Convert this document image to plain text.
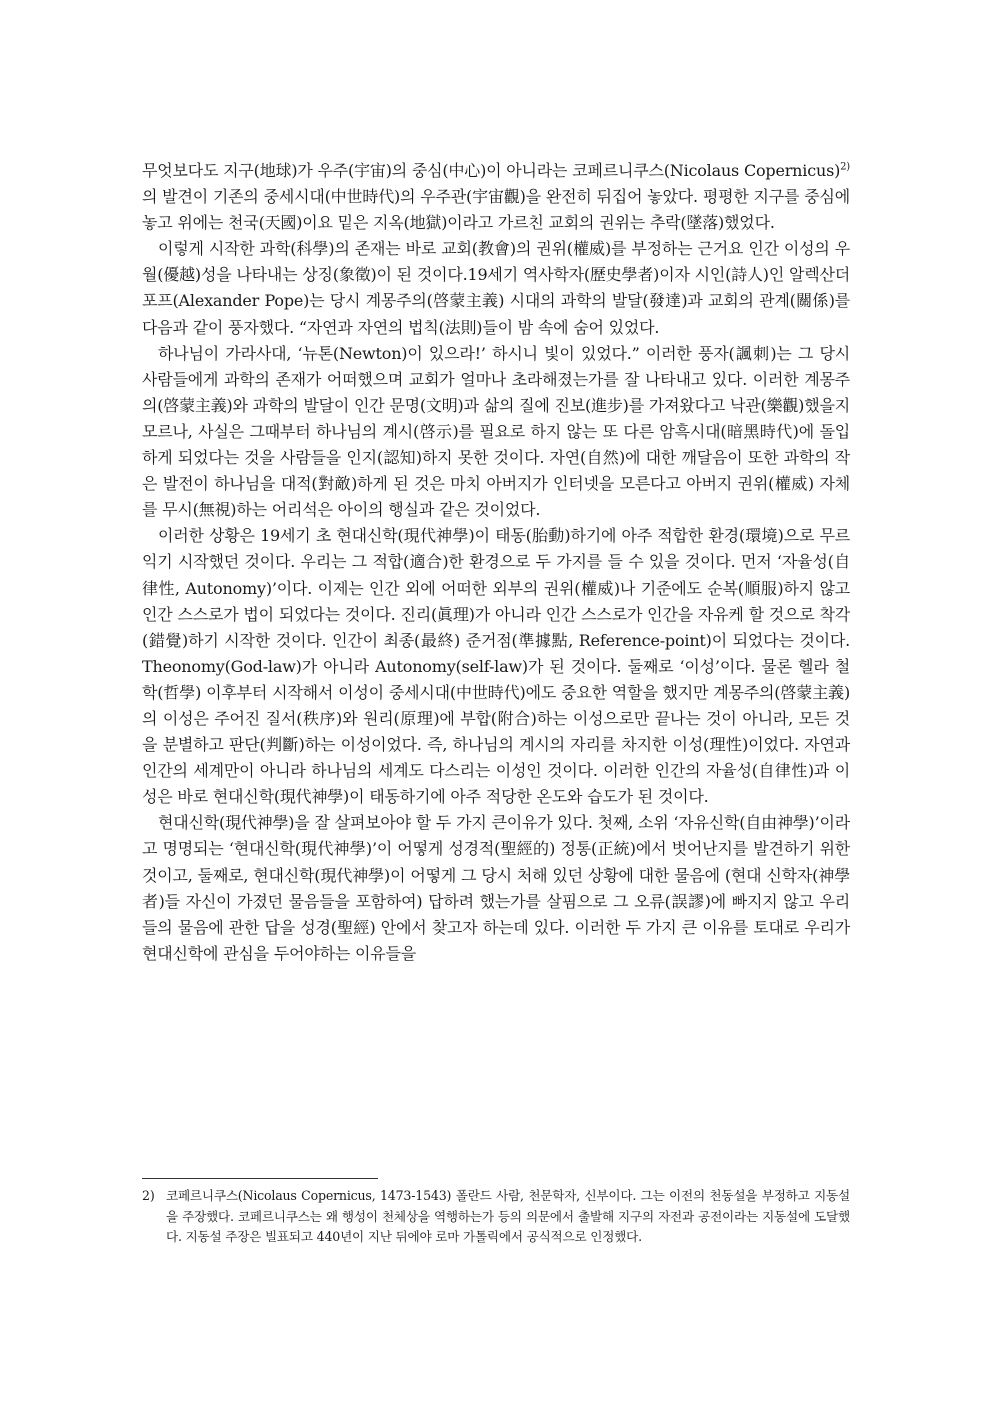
무엇보다도 지구(地球)가 우주(宇宙)의 중심(中心)이 아니라는 코페르니쿠스(Nicolaus Copernicus)$^{2)}$의 발견이 기존의 중세시대(中世時代)의 우주관(宇宙觀)을 완전히 뒤집어 놓았다. 평평한 지구를 중심에 놓고 위에는 천국(天國)이요 밑은 지옥(地獄)이라고 가르친 교회의 권위는 추락(墜落)했었다.

이렇게 시작한 과학(科學)의 존재는 바로 교회(教會)의 권위(權威)를 부정하는 근거요 인간 이성의 우월(優越)성을 나타내는 상징(象徵)이 된 것이다.19세기 역사학자(歷史學者)이자 시인(詩人)인 알렉산더 포프(Alexander Pope)는 당시 계몽주의(啓蒙主義) 시대의 과학의 발달(發達)과 교회의 관계(關係)를 다음과 같이 풍자했다. “자연과 자연의 법칙(法則)들이 밤 속에 숨어 있었다.

하나님이 가라사대, ‘뉴톤(Newton)이 있으라!’ 하시니 빛이 있었다.” 이러한 풍자(諷刺)는 그 당시 사람들에게 과학의 존재가 어떠했으며 교회가 얼마나 초라해졌는가를 잘 나타내고 있다. 이러한 계몽주의(啓蒙主義)와 과학의 발달이 인간 문명(文明)과 삶의 질에 진보(進步)를 가져왔다고 낙관(樂觀)했을지 모르나, 사실은 그때부터 하나님의 계시(啓示)를 필요로 하지 않는 또 다른 암흑시대(暗黑時代)에 돌입하게 되었다는 것을 사람들을 인지(認知)하지 못한 것이다. 자연(自然)에 대한 깨달음이 또한 과학의 작은 발전이 하나님을 대적(對敵)하게 된 것은 마치 아버지가 인터넷을 모른다고 아버지 권위(權威) 자체를 무시(無視)하는 어리석은 아이의 행실과 같은 것이었다.

이러한 상황은 19세기 초 현대신학(現代神學)이 태동(胎動)하기에 아주 적합한 환경(環境)으로 무르익기 시작했던 것이다. 우리는 그 적합(適合)한 환경으로 두 가지를 들 수 있을 것이다. 먼저 ‘자율성(自律性, Autonomy)’이다. 이제는 인간 외에 어떠한 외부의 권위(權威)나 기준에도 순복(順服)하지 않고 인간 스스로가 법이 되었다는 것이다. 진리(眞理)가 아니라 인간 스스로가 인간을 자유케 할 것으로 착각(錯覺)하기 시작한 것이다. 인간이 최종(最終) 준거점(準據點, Reference-point)이 되었다는 것이다. Theonomy(God-law)가 아니라 Autonomy(self-law)가 된 것이다. 둘째로 ‘이성’이다. 물론 헬라 철학(哲學) 이후부터 시작해서 이성이 중세시대(中世時代)에도 중요한 역할을 했지만 계몽주의(啓蒙主義)의 이성은 주어진 질서(秩序)와 원리(原理)에 부합(附合)하는 이성으로만 끝나는 것이 아니라, 모든 것을 분별하고 판단(判斷)하는 이성이었다. 즉, 하나님의 계시의 자리를 차지한 이성(理性)이었다. 자연과 인간의 세계만이 아니라 하나님의 세계도 다스리는 이성인 것이다. 이러한 인간의 자율성(自律性)과 이성은 바로 현대신학(現代神學)이 태동하기에 아주 적당한 온도와 습도가 된 것이다.

현대신학(現代神學)을 잘 살펴보아야 할 두 가지 큰이유가 있다. 첫째, 소위 ‘자유신학(自由神學)’이라고 명명되는 ‘현대신학(現代神學)’이 어떻게 성경적(聖經的) 정통(正統)에서 벗어난지를 발견하기 위한 것이고, 둘째로, 현대신학(現代神學)이 어떻게 그 당시 처해 있던 상황에 대한 물음에 (현대 신학자(神學者)들 자신이 가졌던 물음들을 포함하여) 답하려 했는가를 살핌으로 그 오류(誤謬)에 빠지지 않고 우리들의 물음에 관한 답을 성경(聖經) 안에서 찾고자 하는데 있다. 이러한 두 가지 큰 이유를 토대로 우리가 현대신학에 관심을 두어야하는 이유들을

2) 코페르니쿠스(Nicolaus Copernicus, 1473-1543) 폴란드 사람, 천문학자, 신부이다. 그는 이전의 천동설을 부정하고 지동설을 주장했다. 코페르니쿠스는 왜 행성이 천체상을 역행하는가 등의 의문에서 출발해 지구의 자전과 공전이라는 지동설에 도달했다. 지동설 주장은 빌표되고 440년이 지난 뒤에야 로마 가톨릭에서 공식적으로 인정했다.
